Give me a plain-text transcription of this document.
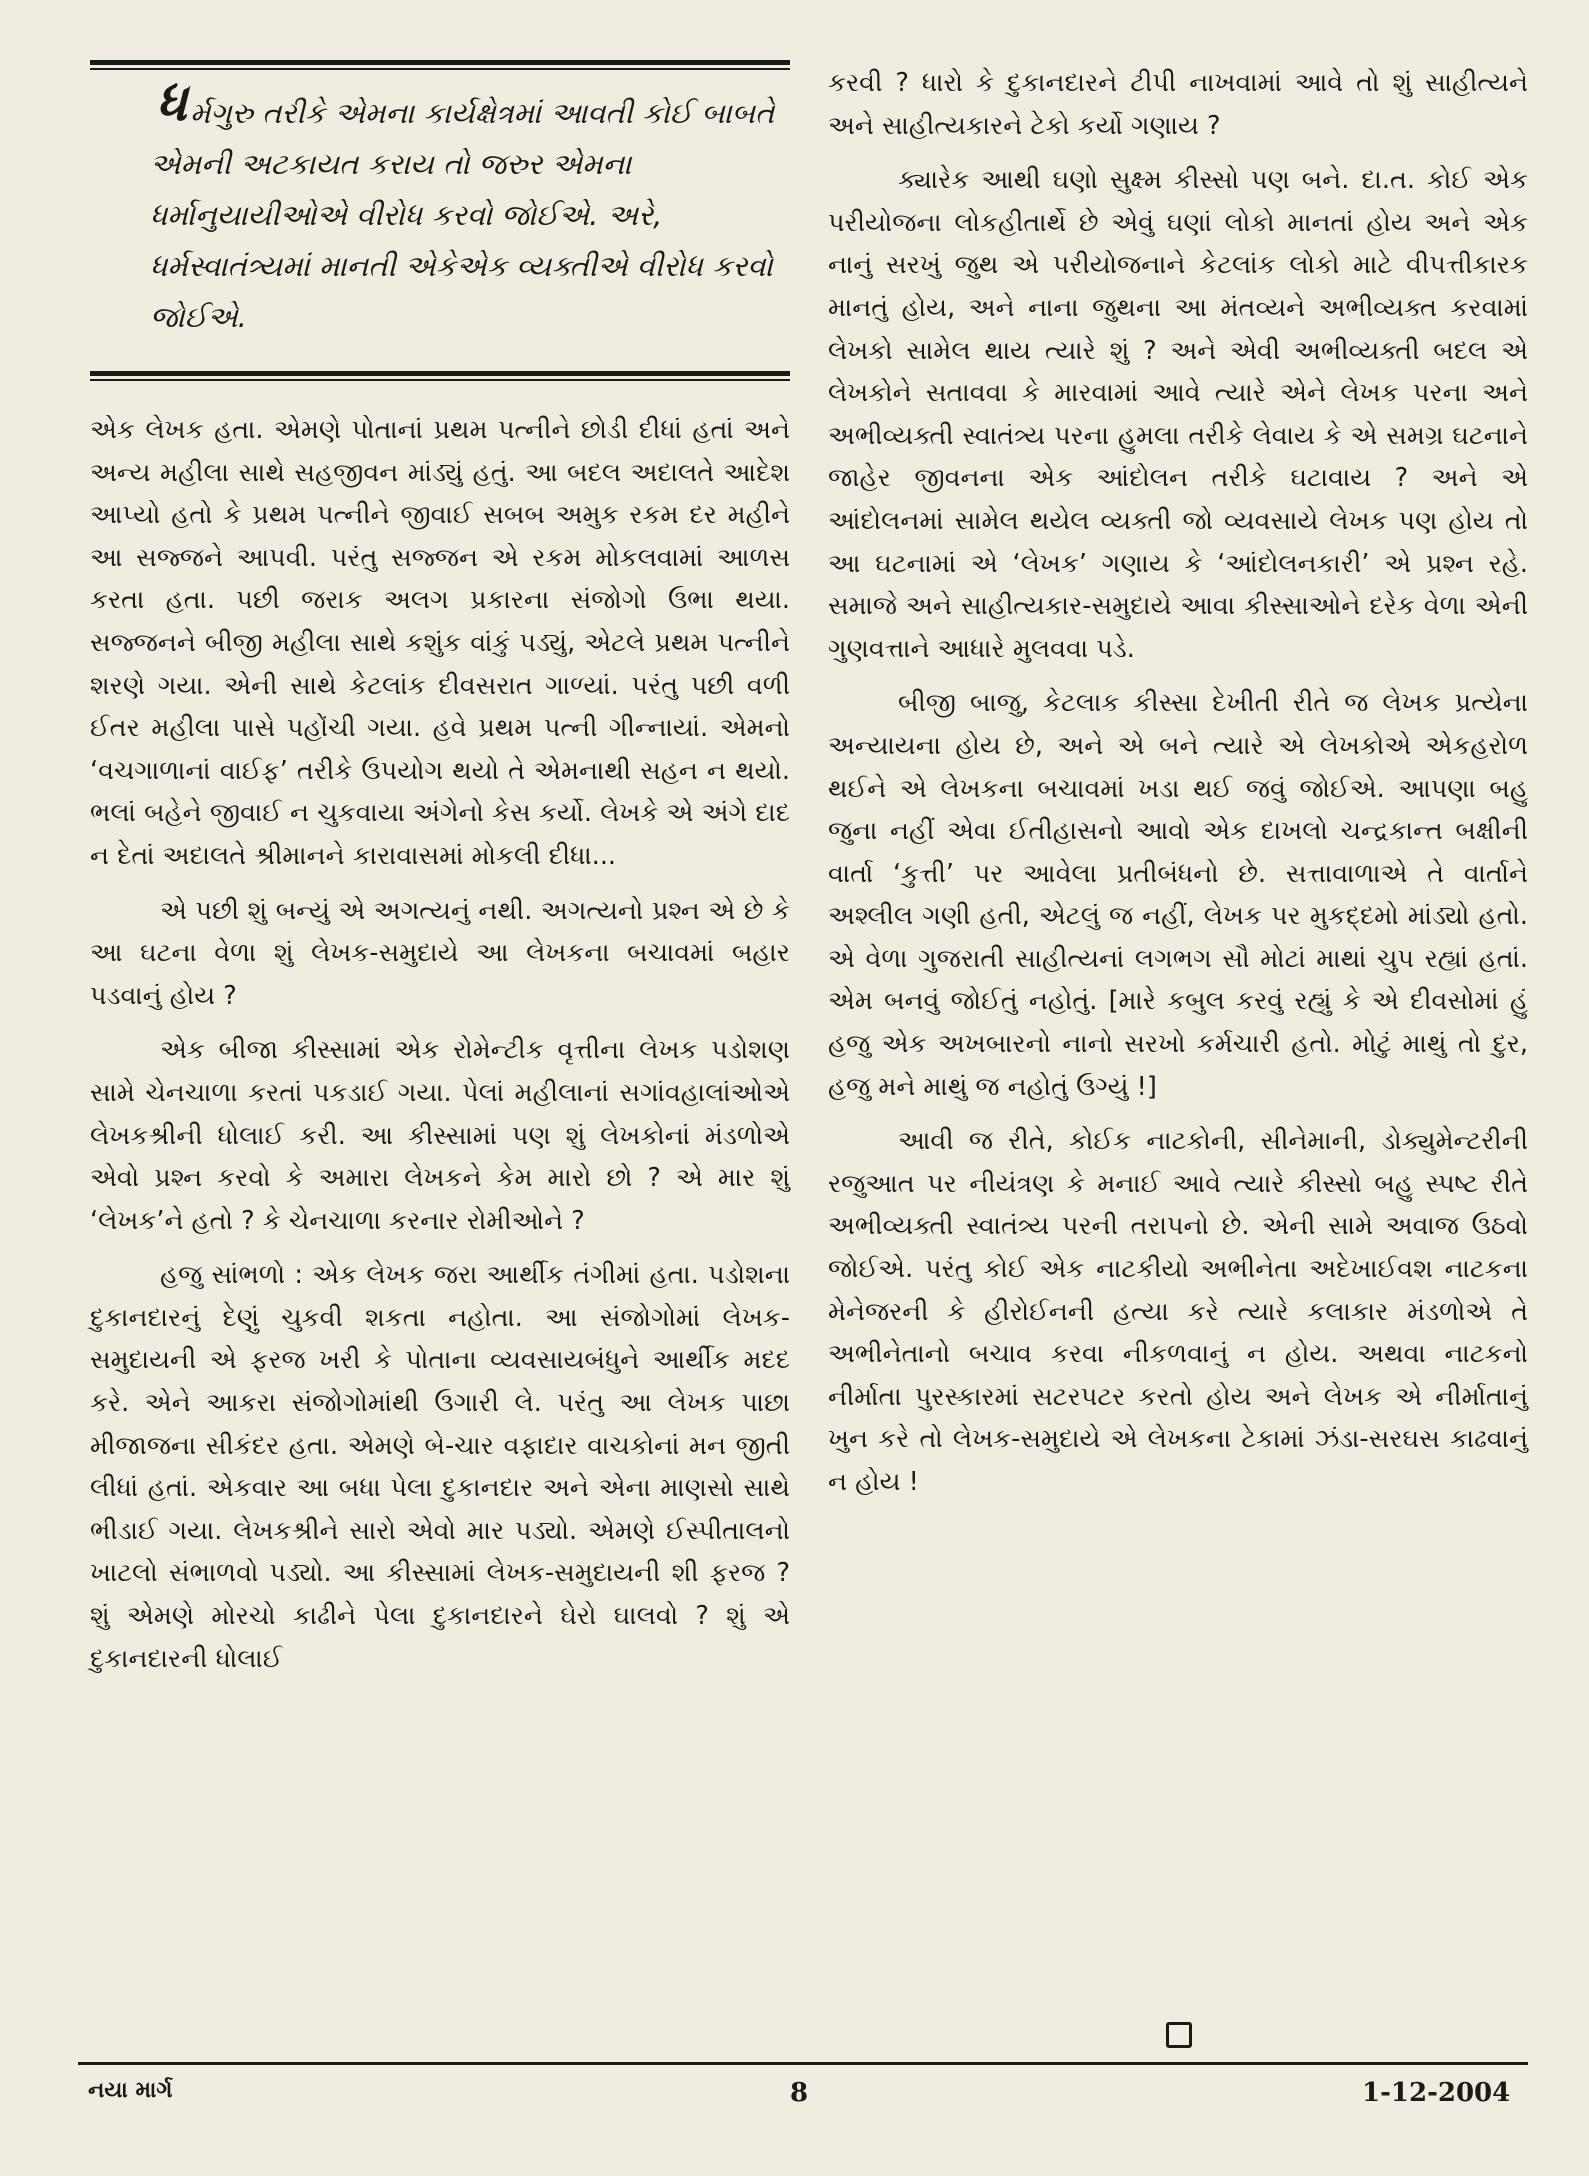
ધ ર્મગુરુ તરીકે એમના કાર્યક્ષેત્રમાં આવતી કોઈ બાબતે એમની અટકાયત કરાય તો જરુર એમના ધર્માનુયાયીઓએ વીરોધ કરવો જોઈએ. અરે, ધર્મસ્વાતંત્ર્યમાં માનતી એકેએક વ્યક્તીએ વીરોધ કરવો જોઈએ.

એક લેખક હતા. એમણે પોતાનાં પ્રથમ પત્નીને છોડી દીધાં હતાં અને અન્ય મહીલા સાથે સહજીવન માંડ્યું હતું. આ બદલ અદાલતે આદેશ આપ્યો હતો કે પ્રથમ પત્નીને જીવાઈ સબબ અમુક રકમ દર મહીને આ સજ્જને આપવી. પરંતુ સજ્જન એ રકમ મોકલવામાં આળસ કરતા હતા. પછી જરાક અલગ પ્રકારના સંજોગો ઉભા થયા. સજ્જનને બીજી મહીલા સાથે કશુંક વાંકું પડ્યું, એટલે પ્રથમ પત્નીને શરણે ગયા. એની સાથે કેટલાંક દીવસરાત ગાળ્યાં. પરંતુ પછી વળી ઈતર મહીલા પાસે પહોંચી ગયા. હવે પ્રથમ પત્ની ગીન્નાયાં. એમનો ‘વચગાળાનાં વાઈફ’ તરીકે ઉપયોગ થયો તે એમનાથી સહન ન થયો. ભલાં બહેને જીવાઈ ન ચુકવાયા અંગેનો કેસ કર્યો. લેખકે એ અંગે દાદ ન દેતાં અદાલતે શ્રીમાનને કારાવાસમાં મોકલી દીધા...

એ પછી શું બન્યું એ અગત્યનું નથી. અગત્યનો પ્રશ્ન એ છે કે આ ઘટના વેળા શું લેખક-સમુદાયે આ લેખકના બચાવમાં બહાર પડવાનું હોય ?

એક બીજા કીસ્સામાં એક રોમેન્ટીક વૃત્તીના લેખક પડોશણ સામે ચેનચાળા કરતાં પકડાઈ ગયા. પેલાં મહીલાનાં સગાંવહાલાંઓએ લેખકશ્રીની ધોલાઈ કરી. આ કીસ્સામાં પણ શું લેખકોનાં મંડળોએ એવો પ્રશ્ન કરવો કે અમારા લેખકને કેમ મારો છો ? એ માર શું ‘લેખક’ને હતો ? કે ચેનચાળા કરનાર રોમીઓને ?

હજુ સાંભળો : એક લેખક જરા આર્થીક તંગીમાં હતા. પડોશના દુકાનદારનું દેણું ચુકવી શકતા નહોતા. આ સંજોગોમાં લેખક-સમુદાયની એ ફરજ ખરી કે પોતાના વ્યવસાયબંધુને આર્થીક મદદ કરે. એને આકરા સંજોગોમાંથી ઉગારી લે. પરંતુ આ લેખક પાછા મીજાજના સીકંદર હતા. એમણે બે-ચાર વફાદાર વાચકોનાં મન જીતી લીધાં હતાં. એકવાર આ બધા પેલા દુકાનદાર અને એના માણસો સાથે ભીડાઈ ગયા. લેખકશ્રીને સારો એવો માર પડ્યો. એમણે ઈસ્પીતાલનો ખાટલો સંભાળવો પડ્યો. આ કીસ્સામાં લેખક-સમુદાયની શી ફરજ ? શું એમણે મોરચો કાઢીને પેલા દુકાનદારને ઘેરો ઘાલવો ? શું એ દુકાનદારની ધોલાઈ

કરવી ? ધારો કે દુકાનદારને ટીપી નાખવામાં આવે તો શું સાહીત્યને અને સાહીત્યકારને ટેકો કર્યો ગણાય ?

ક્યારેક આથી ઘણો સુક્ષ્મ કીસ્સો પણ બને. દા.ત. કોઈ એક પરીયોજના લોકહીતાર્થે છે એવું ઘણાં લોકો માનતાં હોય અને એક નાનું સરખું જુથ એ પરીયોજનાને કેટલાંક લોકો માટે વીપત્તીકારક માનતું હોય, અને નાના જુથના આ મંતવ્યને અભીવ્યક્ત કરવામાં લેખકો સામેલ થાય ત્યારે શું ? અને એવી અભીવ્યક્તી બદલ એ લેખકોને સતાવવા કે મારવામાં આવે ત્યારે એને લેખક પરના અને અભીવ્યક્તી સ્વાતંત્ર્ય પરના હુમલા તરીકે લેવાય કે એ સમગ્ર ઘટનાને જાહેર જીવનના એક આંદોલન તરીકે ઘટાવાય ? અને એ આંદોલનમાં સામેલ થયેલ વ્યક્તી જો વ્યવસાયે લેખક પણ હોય તો આ ઘટનામાં એ ‘લેખક’ ગણાય કે ‘આંદોલનકારી’ એ પ્રશ્ન રહે. સમાજે અને સાહીત્યકાર-સમુદાયે આવા કીસ્સાઓને દરેક વેળા એની ગુણવત્તાને આધારે મુલવવા પડે.

બીજી બાજુ, કેટલાક કીસ્સા દેખીતી રીતે જ લેખક પ્રત્યેના અન્યાયના હોય છે, અને એ બને ત્યારે એ લેખકોએ એકહરોળ થઈને એ લેખકના બચાવમાં ખડા થઈ જવું જોઈએ. આપણા બહુ જુના નહીં એવા ઈતીહાસનો આવો એક દાખલો ચન્દ્રકાન્ત બક્ષીની વાર્તા ‘કુત્તી’ પર આવેલા પ્રતીબંધનો છે. સત્તાવાળાએ તે વાર્તાને અશ્લીલ ગણી હતી, એટલું જ નહીં, લેખક પર મુકદ્દમો માંડ્યો હતો. એ વેળા ગુજરાતી સાહીત્યનાં લગભગ સૌ મોટાં માથાં ચુપ રહ્યાં હતાં. એમ બનવું જોઈતું નહોતું. [મારે કબુલ કરવું રહ્યું કે એ દીવસોમાં હું હજુ એક અખબારનો નાનો સરખો કર્મચારી હતો. મોટું માથું તો દુર, હજુ મને માથું જ નહોતું ઉગ્યું !]

આવી જ રીતે, કોઈક નાટકોની, સીનેમાની, ડોક્યુમેન્ટરીની રજુઆત પર નીયંત્રણ કે મનાઈ આવે ત્યારે કીસ્સો બહુ સ્પષ્ટ રીતે અભીવ્યક્તી સ્વાતંત્ર્ય પરની તરાપનો છે. એની સામે અવાજ ઉઠવો જોઈએ. પરંતુ કોઈ એક નાટકીયો અભીનેતા અદેખાઈવશ નાટકના મેનેજરની કે હીરોઈનની હત્યા કરે ત્યારે કલાકાર મંડળોએ તે અભીનેતાનો બચાવ કરવા નીકળવાનું ન હોય. અથવા નાટકનો નીર્માતા પુરસ્કારમાં સટરપટર કરતો હોય અને લેખક એ નીર્માતાનું ખુન કરે તો લેખક-સમુદાયે એ લેખકના ટેકામાં ઝંડા-સરઘસ કાઢવાનું ન હોય !

નયા માર્ગ	8	1-12-2004
